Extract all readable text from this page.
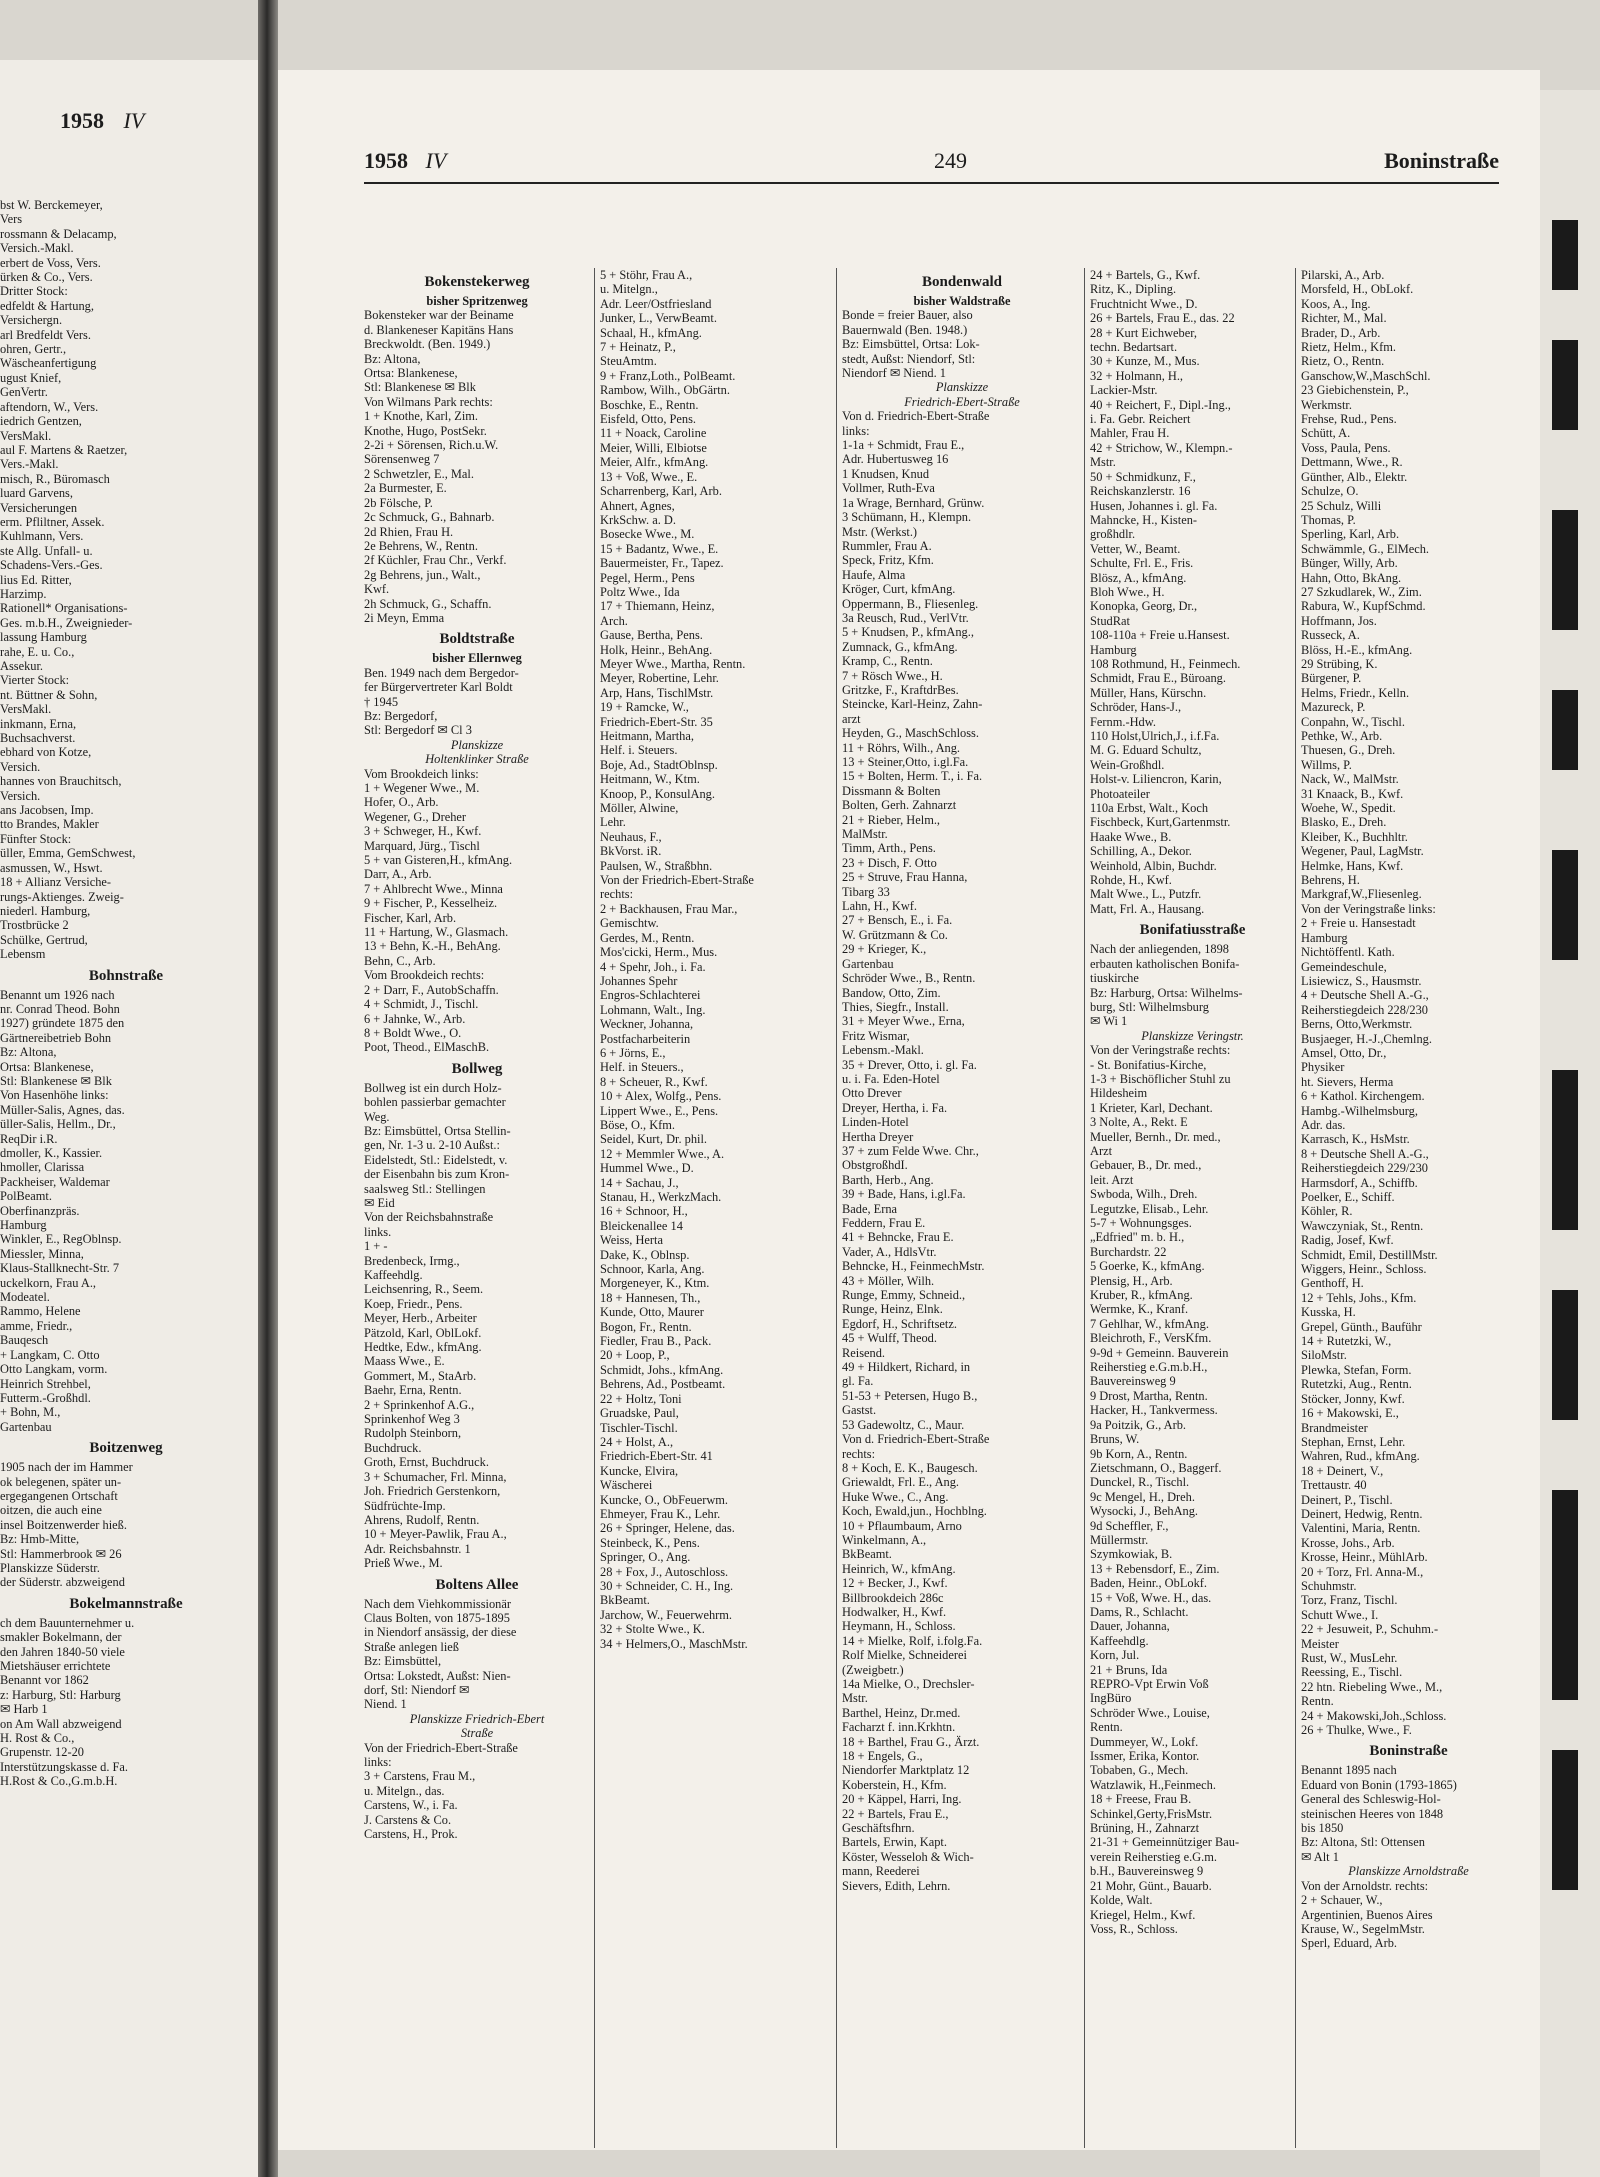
1958 IV
bst W. Berckemeyer,
Vers
rossmann & Delacamp,
Versich.-Makl.
erbert de Voss, Vers.
ürken & Co., Vers.
Dritter Stock:
edfeldt & Hartung,
Versichergn.
arl Bredfeldt Vers.
ohren, Gertr.,
Wäscheanfertigung
ugust Knief,
GenVertr.
aftendorn, W., Vers.
iedrich Gentzen,
VersMakl.
aul F. Martens & Raetzer,
Vers.-Makl.
misch, R., Büromasch
luard Garvens,
Versicherungen
erm. Pfliltner, Assek.
Kuhlmann, Vers.
ste Allg. Unfall- u.
Schadens-Vers.-Ges.
lius Ed. Ritter,
Harzimp.
Rationell* Organisations-
Ges. m.b.H., Zweignieder-
lassung Hamburg
rahe, E. u. Co.,
Assekur.
Vierter Stock:
nt. Büttner & Sohn,
VersMakl.
inkmann, Erna,
Buchsachverst.
ebhard von Kotze,
Versich.
hannes von Brauchitsch,
Versich.
ans Jacobsen, Imp.
tto Brandes, Makler
Fünfter Stock:
üller, Emma, GemSchwest,
asmussen, W., Hswt.
18 + Allianz Versiche-
rungs-Aktienges. Zweig-
niederl. Hamburg,
Trostbrücke 2
Schülke, Gertrud,
Lebensm
Bohnstraße
Benannt um 1926 nach
nr. Conrad Theod. Bohn
1927) gründete 1875 den
Gärtnereibetrieb Bohn
Bz: Altona,
Ortsa: Blankenese,
Stl: Blankenese ✉ Blk
Von Hasenhöhe links:
Müller-Salis, Agnes, das.
üller-Salis, Hellm., Dr.,
ReqDir i.R.
dmoller, K., Kassier.
hmoller, Clarissa
Packheiser, Waldemar
PolBeamt.
Oberfinanzpräs.
Hamburg
Winkler, E., RegOblnsp.
Miessler, Minna,
Klaus-Stallknecht-Str. 7
uckelkorn, Frau A.,
Modeatel.
Rammo, Helene
amme, Friedr.,
Bauqesch
+ Langkam, C. Otto
Otto Langkam, vorm.
Heinrich Strehbel,
Futterm.-Großhdl.
+ Bohn, M.,
Gartenbau
Boitzenweg
1905 nach der im Hammer
ok belegenen, später un-
ergegangenen Ortschaft
oitzen, die auch eine
insel Boitzenwerder hieß.
Bz: Hmb-Mitte,
Stl: Hammerbrook ✉ 26
Planskizze Süderstr.
der Süderstr. abzweigend
Bokelmannstraße
ch dem Bauunternehmer u.
smakler Bokelmann, der
den Jahren 1840-50 viele
Mietshäuser errichtete
Benannt vor 1862
z: Harburg, Stl: Harburg
✉ Harb 1
on Am Wall abzweigend
H. Rost & Co.,
Grupenstr. 12-20
Interstützungskasse d. Fa.
H.Rost & Co.,G.m.b.H.
1958 IV	249	Boninstraße
Bokenstekerweg
bisher Spritzenweg
Bokensteker war der Beiname
d. Blankeneser Kapitäns Hans
Breckwoldt. (Ben. 1949.)
Bz: Altona,
Ortsa: Blankenese,
Stl: Blankenese ✉ Blk
Von Wilmans Park rechts:
1 + Knothe, Karl, Zim.
Knothe, Hugo, PostSekr.
2-2i + Sörensen, Rich.u.W.
Sörensenweg 7
2 Schwetzler, E., Mal.
2a Burmester, E.
2b Fölsche, P.
2c Schmuck, G., Bahnarb.
2d Rhien, Frau H.
2e Behrens, W., Rentn.
2f Küchler, Frau Chr., Verkf.
2g Behrens, jun., Walt.,
Kwf.
2h Schmuck, G., Schaffn.
2i Meyn, Emma
Boldtstraße
bisher Ellernweg
Ben. 1949 nach dem Bergedor-
fer Bürgervertreter Karl Boldt
† 1945
Bz: Bergedorf,
Stl: Bergedorf ✉ Cl 3
Planskizze
Holtenklinker Straße
Vom Brookdeich links:
1 + Wegener Wwe., M.
Hofer, O., Arb.
Wegener, G., Dreher
3 + Schweger, H., Kwf.
Marquard, Jürg., Tischl
5 + van Gisteren,H., kfmAng.
Darr, A., Arb.
7 + Ahlbrecht Wwe., Minna
9 + Fischer, P., Kesselheiz.
Fischer, Karl, Arb.
11 + Hartung, W., Glasmach.
13 + Behn, K.-H., BehAng.
Behn, C., Arb.
Vom Brookdeich rechts:
2 + Darr, F., AutobSchaffn.
4 + Schmidt, J., Tischl.
6 + Jahnke, W., Arb.
8 + Boldt Wwe., O.
Poot, Theod., ElMaschB.
Bollweg
Bollweg ist ein durch Holz-
bohlen passierbar gemachter
Weg.
Bz: Eimsbüttel, Ortsa Stellin-
gen, Nr. 1-3 u. 2-10 Außst.:
Eidelstedt, Stl.: Eidelstedt, v.
der Eisenbahn bis zum Kron-
saalsweg Stl.: Stellingen
✉ Eid
Von der Reichsbahnstraße
links.
1 + -
Bredenbeck, Irmg.,
Kaffeehdlg.
Leichsenring, R., Seem.
Koep, Friedr., Pens.
Meyer, Herb., Arbeiter
Pätzold, Karl, OblLokf.
Hedtke, Edw., kfmAng.
Maass Wwe., E.
Gommert, M., StaArb.
Baehr, Erna, Rentn.
2 + Sprinkenhof A.G.,
Sprinkenhof Weg 3
Rudolph Steinborn,
Buchdruck.
Groth, Ernst, Buchdruck.
3 + Schumacher, Frl. Minna,
Joh. Friedrich Gerstenkorn,
Südfrüchte-Imp.
Ahrens, Rudolf, Rentn.
10 + Meyer-Pawlik, Frau A.,
Adr. Reichsbahnstr. 1
Prieß Wwe., M.
Boltens Allee
Nach dem Viehkommissionär
Claus Bolten, von 1875-1895
in Niendorf ansässig, der diese
Straße anlegen ließ
Bz: Eimsbüttel,
Ortsa: Lokstedt, Außst: Nien-
dorf, Stl: Niendorf ✉
Niend. 1
Planskizze Friedrich-Ebert
Straße
Von der Friedrich-Ebert-Straße
links:
3 + Carstens, Frau M.,
u. Mitelgn., das.
Carstens, W., i. Fa.
J. Carstens & Co.
Carstens, H., Prok.
5 + Stöhr, Frau A.,
u. Mitelgn.,
Adr. Leer/Ostfriesland
Junker, L., VerwBeamt.
Schaal, H., kfmAng.
7 + Heinatz, P.,
SteuAmtm.
9 + Franz,Loth., PolBeamt.
Rambow, Wilh., ObGärtn.
Boschke, E., Rentn.
Eisfeld, Otto, Pens.
11 + Noack, Caroline
Meier, Willi, Elbiotse
Meier, Alfr., kfmAng.
13 + Voß, Wwe., E.
Scharrenberg, Karl, Arb.
Ahnert, Agnes,
KrkSchw. a. D.
Bosecke Wwe., M.
15 + Badantz, Wwe., E.
Bauermeister, Fr., Tapez.
Pegel, Herm., Pens
Poltz Wwe., Ida
17 + Thiemann, Heinz,
Arch.
Gause, Bertha, Pens.
Holk, Heinr., BehAng.
Meyer Wwe., Martha, Rentn.
Meyer, Robertine, Lehr.
Arp, Hans, TischlMstr.
19 + Ramcke, W.,
Friedrich-Ebert-Str. 35
Heitmann, Martha,
Helf. i. Steuers.
Boje, Ad., StadtOblnsp.
Heitmann, W., Ktm.
Knoop, P., KonsulAng.
Möller, Alwine,
Lehr.
Neuhaus, F.,
BkVorst. iR.
Paulsen, W., Straßbhn.
Von der Friedrich-Ebert-Straße
rechts:
2 + Backhausen, Frau Mar.,
Gemischtw.
Gerdes, M., Rentn.
Mos'cicki, Herm., Mus.
4 + Spehr, Joh., i. Fa.
Johannes Spehr
Engros-Schlachterei
Lohmann, Walt., Ing.
Weckner, Johanna,
Postfacharbeiterin
6 + Jörns, E.,
Helf. in Steuers.,
8 + Scheuer, R., Kwf.
10 + Alex, Wolfg., Pens.
Lippert Wwe., E., Pens.
Böse, O., Kfm.
Seidel, Kurt, Dr. phil.
12 + Memmler Wwe., A.
Hummel Wwe., D.
14 + Sachau, J.,
Stanau, H., WerkzMach.
16 + Schnoor, H.,
Bleickenallee 14
Weiss, Herta
Dake, K., Oblnsp.
Schnoor, Karla, Ang.
Morgeneyer, K., Ktm.
18 + Hannesen, Th.,
Kunde, Otto, Maurer
Bogon, Fr., Rentn.
Fiedler, Frau B., Pack.
20 + Loop, P.,
Schmidt, Johs., kfmAng.
Behrens, Ad., Postbeamt.
22 + Holtz, Toni
Gruadske, Paul,
Tischler-Tischl.
24 + Holst, A.,
Friedrich-Ebert-Str. 41
Kuncke, Elvira,
Wäscherei
Kuncke, O., ObFeuerwm.
Ehmeyer, Frau K., Lehr.
26 + Springer, Helene, das.
Steinbeck, K., Pens.
Springer, O., Ang.
28 + Fox, J., Autoschloss.
30 + Schneider, C. H., Ing.
BkBeamt.
Jarchow, W., Feuerwehrm.
32 + Stolte Wwe., K.
34 + Helmers,O., MaschMstr.
Bondenwald
bisher Waldstraße
Bonde = freier Bauer, also
Bauernwald (Ben. 1948.)
Bz: Eimsbüttel, Ortsa: Lok-
stedt, Außst: Niendorf, Stl:
Niendorf ✉ Niend. 1
Planskizze
Friedrich-Ebert-Straße
Von d. Friedrich-Ebert-Straße
links:
1-1a + Schmidt, Frau E.,
Adr. Hubertusweg 16
1 Knudsen, Knud
Vollmer, Ruth-Eva
1a Wrage, Bernhard, Grünw.
3 Schümann, H., Klempn.
Mstr. (Werkst.)
Rummler, Frau A.
Speck, Fritz, Kfm.
Haufe, Alma
Kröger, Curt, kfmAng.
Oppermann, B., Fliesenleg.
3a Reusch, Rud., VerlVtr.
5 + Knudsen, P., kfmAng.,
Zumnack, G., kfmAng.
Kramp, C., Rentn.
7 + Rösch Wwe., H.
Gritzke, F., KraftdrBes.
Steincke, Karl-Heinz, Zahn-
arzt
Heyden, G., MaschSchloss.
11 + Röhrs, Wilh., Ang.
13 + Steiner,Otto, i.gl.Fa.
15 + Bolten, Herm. T., i. Fa.
Dissmann & Bolten
Bolten, Gerh. Zahnarzt
21 + Rieber, Helm.,
MalMstr.
Timm, Arth., Pens.
23 + Disch, F. Otto
25 + Struve, Frau Hanna,
Tibarg 33
Lahn, H., Kwf.
27 + Bensch, E., i. Fa.
W. Grützmann & Co.
29 + Krieger, K.,
Gartenbau
Schröder Wwe., B., Rentn.
Bandow, Otto, Zim.
Thies, Siegfr., Install.
31 + Meyer Wwe., Erna,
Fritz Wismar,
Lebensm.-Makl.
35 + Drever, Otto, i. gl. Fa.
u. i. Fa. Eden-Hotel
Otto Drever
Dreyer, Hertha, i. Fa.
Linden-Hotel
Hertha Dreyer
37 + zum Felde Wwe. Chr.,
ObstgroßhdI.
Barth, Herb., Ang.
39 + Bade, Hans, i.gl.Fa.
Bade, Erna
Feddern, Frau E.
41 + Behncke, Frau E.
Vader, A., HdlsVtr.
Behncke, H., FeinmechMstr.
43 + Möller, Wilh.
Runge, Emmy, Schneid.,
Runge, Heinz, Elnk.
Egdorf, H., Schriftsetz.
45 + Wulff, Theod.
Reisend.
49 + Hildkert, Richard, in
gl. Fa.
51-53 + Petersen, Hugo B.,
Gastst.
53 Gadewoltz, C., Maur.
Von d. Friedrich-Ebert-Straße
rechts:
8 + Koch, E. K., Baugesch.
Griewaldt, Frl. E., Ang.
Huke Wwe., C., Ang.
Koch, Ewald,jun., Hochblng.
10 + Pflaumbaum, Arno
Winkelmann, A.,
BkBeamt.
Heinrich, W., kfmAng.
12 + Becker, J., Kwf.
Billbrookdeich 286c
Hodwalker, H., Kwf.
Heymann, H., Schloss.
14 + Mielke, Rolf, i.folg.Fa.
Rolf Mielke, Schneiderei
(Zweigbetr.)
14a Mielke, O., Drechsler-
Mstr.
Barthel, Heinz, Dr.med.
Facharzt f. inn.Krkhtn.
18 + Barthel, Frau G., Ärzt.
18 + Engels, G.,
Niendorfer Marktplatz 12
Koberstein, H., Kfm.
20 + Käppel, Harri, Ing.
22 + Bartels, Frau E.,
Geschäftsfhrn.
Bartels, Erwin, Kapt.
Köster, Wesseloh & Wich-
mann, Reederei
Sievers, Edith, Lehrn.
24 + Bartels, G., Kwf.
Ritz, K., Dipling.
Fruchtnicht Wwe., D.
26 + Bartels, Frau E., das. 22
28 + Kurt Eichweber,
techn. Bedartsart.
30 + Kunze, M., Mus.
32 + Holmann, H.,
Lackier-Mstr.
40 + Reichert, F., Dipl.-Ing.,
i. Fa. Gebr. Reichert
Mahler, Frau H.
42 + Strichow, W., Klempn.-
Mstr.
50 + Schmidkunz, F.,
Reichskanzlerstr. 16
Husen, Johannes i. gl. Fa.
Mahncke, H., Kisten-
großhdlr.
Vetter, W., Beamt.
Schulte, Frl. E., Fris.
Blösz, A., kfmAng.
Bloh Wwe., H.
Konopka, Georg, Dr.,
StudRat
108-110a + Freie u.Hansest.
Hamburg
108 Rothmund, H., Feinmech.
Schmidt, Frau E., Büroang.
Müller, Hans, Kürschn.
Schröder, Hans-J.,
Fernm.-Hdw.
110 Holst,Ulrich,J., i.f.Fa.
M. G. Eduard Schultz,
Wein-Großhdl.
Holst-v. Liliencron, Karin,
Photoateiler
110a Erbst, Walt., Koch
Fischbeck, Kurt,Gartenmstr.
Haake Wwe., B.
Schilling, A., Dekor.
Weinhold, Albin, Buchdr.
Rohde, H., Kwf.
Malt Wwe., L., Putzfr.
Matt, Frl. A., Hausang.
Bonifatiusstraße
Nach der anliegenden, 1898
erbauten katholischen Bonifa-
tiuskirche
Bz: Harburg, Ortsa: Wilhelms-
burg, Stl: Wilhelmsburg
✉ Wi 1
Planskizze Veringstr.
Von der Veringstraße rechts:
- St. Bonifatius-Kirche,
1-3 + Bischöflicher Stuhl zu
Hildesheim
1 Krieter, Karl, Dechant.
3 Nolte, A., Rekt. E
Mueller, Bernh., Dr. med.,
Arzt
Gebauer, B., Dr. med.,
leit. Arzt
Swboda, Wilh., Dreh.
Legutzke, Elisab., Lehr.
5-7 + Wohnungsges.
„Edfried" m. b. H.,
Burchardstr. 22
5 Goerke, K., kfmAng.
Plensig, H., Arb.
Kruber, R., kfmAng.
Wermke, K., Kranf.
7 Gehlhar, W., kfmAng.
Bleichroth, F., VersKfm.
9-9d + Gemeinn. Bauverein
Reiherstieg e.G.m.b.H.,
Bauvereinsweg 9
9 Drost, Martha, Rentn.
Hacker, H., Tankvermess.
9a Poitzik, G., Arb.
Bruns, W.
9b Korn, A., Rentn.
Zietschmann, O., Baggerf.
Dunckel, R., Tischl.
9c Mengel, H., Dreh.
Wysocki, J., BehAng.
9d Scheffler, F.,
Müllermstr.
Szymkowiak, B.
13 + Rebensdorf, E., Zim.
Baden, Heinr., ObLokf.
15 + Voß, Wwe. H., das.
Dams, R., Schlacht.
Dauer, Johanna,
Kaffeehdlg.
Korn, Jul.
21 + Bruns, Ida
REPRO-Vpt Erwin Voß
IngBüro
Schröder Wwe., Louise,
Rentn.
Dummeyer, W., Lokf.
Issmer, Erika, Kontor.
Tobaben, G., Mech.
Watzlawik, H.,Feinmech.
18 + Freese, Frau B.
Schinkel,Gerty,FrisMstr.
Brüning, H., Zahnarzt
21-31 + Gemeinnütziger Bau-
verein Reiherstieg e.G.m.
b.H., Bauvereinsweg 9
21 Mohr, Günt., Bauarb.
Kolde, Walt.
Kriegel, Helm., Kwf.
Voss, R., Schloss.
Pilarski, A., Arb.
Morsfeld, H., ObLokf.
Koos, A., Ing.
Richter, M., Mal.
Brader, D., Arb.
Rietz, Helm., Kfm.
Rietz, O., Rentn.
Ganschow,W.,MaschSchl.
23 Giebichenstein, P.,
Werkmstr.
Frehse, Rud., Pens.
Schütt, A.
Voss, Paula, Pens.
Dettmann, Wwe., R.
Günther, Alb., Elektr.
Schulze, O.
25 Schulz, Willi
Thomas, P.
Sperling, Karl, Arb.
Schwämmle, G., ElMech.
Bünger, Willy, Arb.
Hahn, Otto, BkAng.
27 Szkudlarek, W., Zim.
Rabura, W., KupfSchmd.
Hoffmann, Jos.
Russeck, A.
Blöss, H.-E., kfmAng.
29 Strübing, K.
Bürgener, P.
Helms, Friedr., Kelln.
Mazureck, P.
Conpahn, W., Tischl.
Pethke, W., Arb.
Thuesen, G., Dreh.
Willms, P.
Nack, W., MalMstr.
31 Knaack, B., Kwf.
Woehe, W., Spedit.
Blasko, E., Dreh.
Kleiber, K., Buchhltr.
Wegener, Paul, LagMstr.
Helmke, Hans, Kwf.
Behrens, H.
Markgraf,W.,Fliesenleg.
Von der Veringstraße links:
2 + Freie u. Hansestadt
Hamburg
Nichtöffentl. Kath.
Gemeindeschule,
Lisiewicz, S., Hausmstr.
4 + Deutsche Shell A.-G.,
Reiherstiegdeich 228/230
Berns, Otto,Werkmstr.
Busjaeger, H.-J.,Chemlng.
Amsel, Otto, Dr.,
Physiker
ht. Sievers, Herma
6 + Kathol. Kirchengem.
Hambg.-Wilhelmsburg,
Adr. das.
Karrasch, K., HsMstr.
8 + Deutsche Shell A.-G.,
Reiherstiegdeich 229/230
Harmsdorf, A., Schiffb.
Poelker, E., Schiff.
Köhler, R.
Wawczyniak, St., Rentn.
Radig, Josef, Kwf.
Schmidt, Emil, DestillMstr.
Wiggers, Heinr., Schloss.
Genthoff, H.
12 + Tehls, Johs., Kfm.
Kusska, H.
Grepel, Günth., Bauführ
14 + Rutetzki, W.,
SiloMstr.
Plewka, Stefan, Form.
Rutetzki, Aug., Rentn.
Stöcker, Jonny, Kwf.
16 + Makowski, E.,
Brandmeister
Stephan, Ernst, Lehr.
Wahren, Rud., kfmAng.
18 + Deinert, V.,
Trettaustr. 40
Deinert, P., Tischl.
Deinert, Hedwig, Rentn.
Valentini, Maria, Rentn.
Krosse, Johs., Arb.
Krosse, Heinr., MühlArb.
20 + Torz, Frl. Anna-M.,
Schuhmstr.
Torz, Franz, Tischl.
Schutt Wwe., I.
22 + Jesuweit, P., Schuhm.-
Meister
Rust, W., MusLehr.
Reessing, E., Tischl.
22 htn. Riebeling Wwe., M.,
Rentn.
24 + Makowski,Joh.,Schloss.
26 + Thulke, Wwe., F.
Boninstraße
Benannt 1895 nach
Eduard von Bonin (1793-1865)
General des Schleswig-Hol-
steinischen Heeres von 1848
bis 1850
Bz: Altona, Stl: Ottensen
✉ Alt 1
Planskizze Arnoldstraße
Von der Arnoldstr. rechts:
2 + Schauer, W.,
Argentinien, Buenos Aires
Krause, W., SegelmMstr.
Sperl, Eduard, Arb.
